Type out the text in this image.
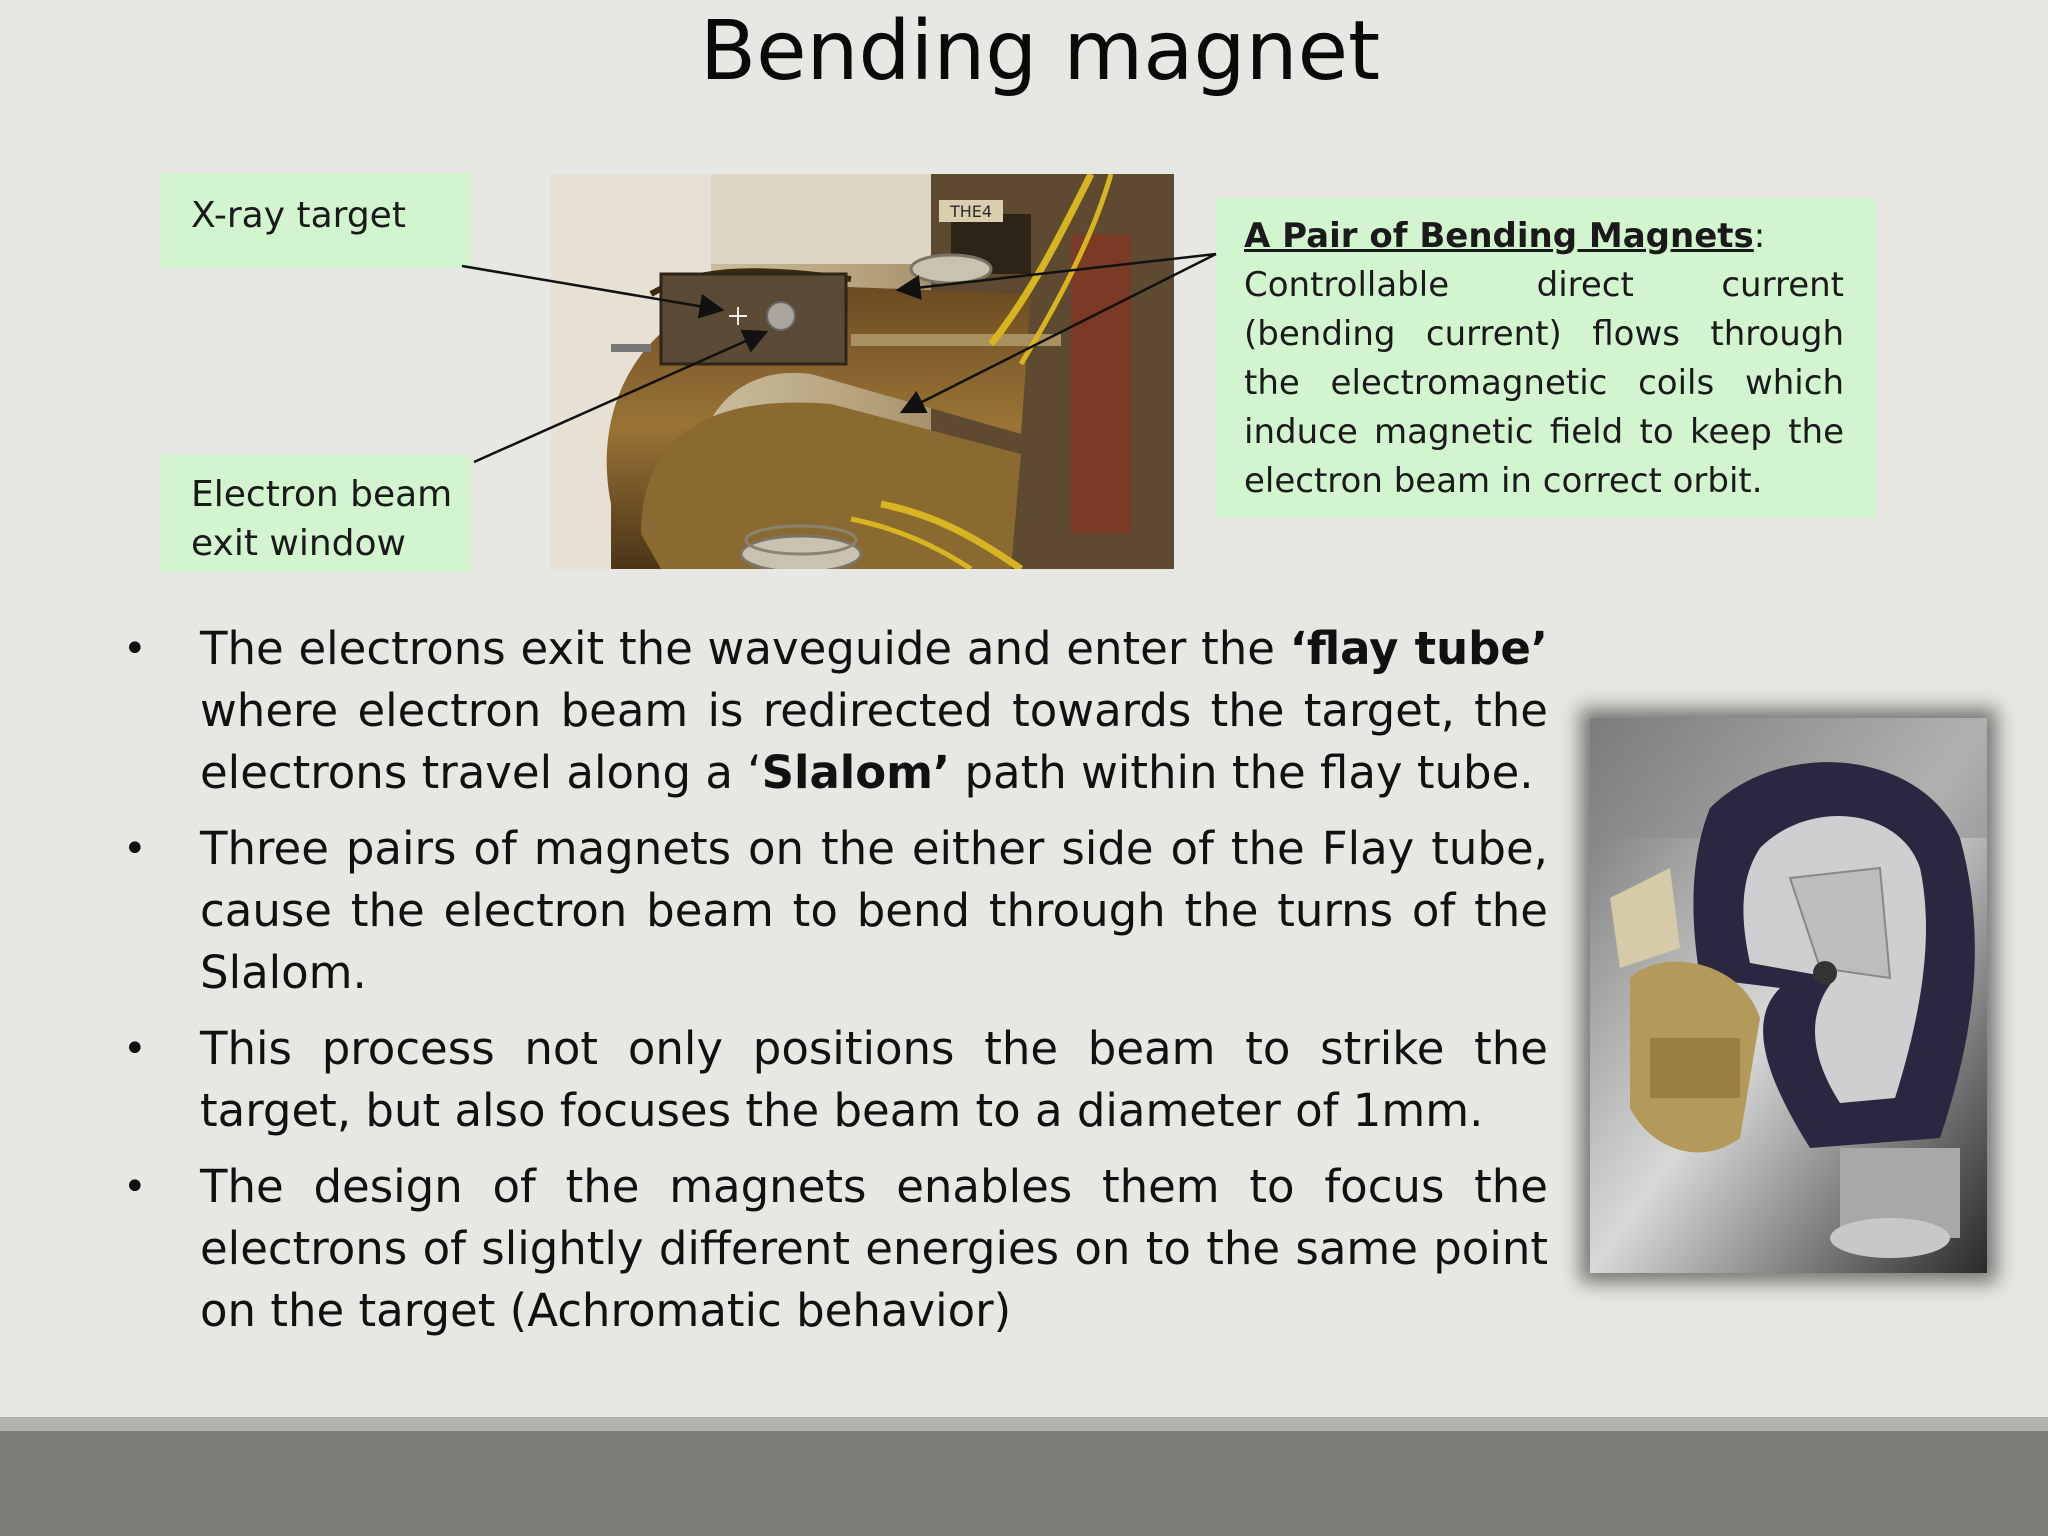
Bending magnet
THE4
X-ray target
Electron beam
exit window
A Pair of Bending Magnets:
Controllable direct current (bending current) flows through the electromagnetic coils which induce magnetic field to keep the electron beam in correct orbit.
• The electrons exit the waveguide and enter the ‘flay tube’ where electron beam is redirected towards the target, the electrons travel along a ‘Slalom’ path within the flay tube.
• Three pairs of magnets on the either side of the Flay tube, cause the electron beam to bend through the turns of the Slalom.
• This process not only positions the beam to strike the target, but also focuses the beam to a diameter of 1mm.
• The design of the magnets enables them to focus the electrons of slightly different energies on to the same point on the target (Achromatic behavior)
